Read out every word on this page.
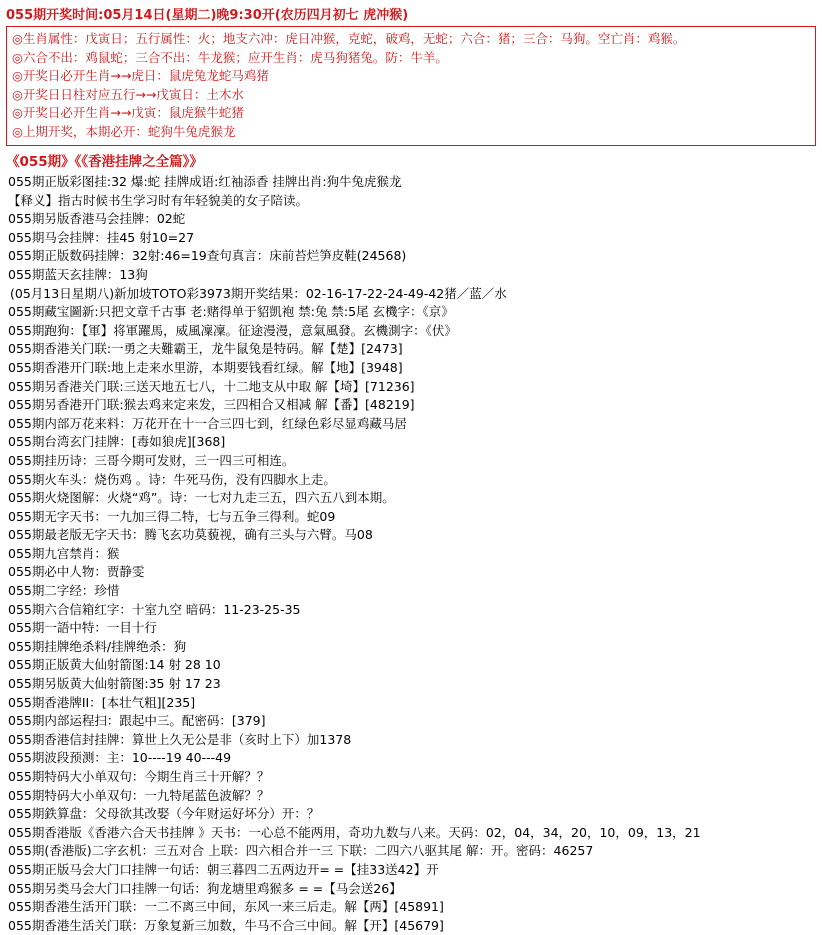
055期开奖时间:05月14日(星期二)晚9:30开(农历四月初七 虎冲猴)
◎生肖属性：戊寅日；五行属性：火；地支六冲：虎日冲猴，克蛇，破鸡，无蛇；六合：猪；三合：马狗。空亡肖：鸡猴。
◎六合不出：鸡鼠蛇；三合不出：牛龙猴；应开生肖：虎马狗猪兔。防：牛羊。
◎开奖日必开生肖→→虎日：鼠虎兔龙蛇马鸡猪
◎开奖日日柱对应五行→→戊寅日：土木水
◎开奖日必开生肖→→戊寅：鼠虎猴牛蛇猪
◎上期开奖，本期必开：蛇狗牛兔虎猴龙
《055期》《《香港挂牌之全篇》》
055期正版彩图挂:32 爆:蛇 挂牌成语:红袖添香 挂牌出肖:狗牛兔虎猴龙
【释义】指古时候书生学习时有年轻貌美的女子陪读。
055期另版香港马会挂牌：02蛇
055期马会挂牌：挂45 射10=27
055期正版数码挂牌：32射:46=19查句真言：床前苔烂笋皮鞋(24568)
055期蓝天玄挂牌：13狗
(05月13日星期八)新加坡TOTO彩3973期开奖结果：02-16-17-22-24-49-42猪／蓝／水
055期藏宝圖新:只把文章千古事 老:赌得单于貂凱袍 禁:兔 禁:5尾 玄機字：《京》
055期跑狗：【軍】将軍躍馬，威風凜凜。征途漫漫，意氣風發。玄機測字：《伏》
055期香港关门联:一勇之夫難霸王，龙牛鼠兔是特码。解【楚】[2473]
055期香港开门联:地上走来水里游，本期要钱看红绿。解【地】[3948]
055期另香港关门联:三送天地五七八，十二地支从中取 解【埼】[71236]
055期另香港开门联:猴去鸡来定来发，三四相合又相减 解【番】[48219]
055期内部万花来料：万花开在十一合三四七到，红绿色彩尽显鸡藏马居
055期台湾玄门挂牌：[毒如狼虎][368]
055期挂历诗：三哥今期可发财，三一四三可相连。
055期火车头：烧伤鸡 。诗：牛死马伤，没有四脚水上走。
055期火烧图解：火烧“鸡”。诗：一七对九走三五，四六五八到本期。
055期无字天书：一九加三得二特，七与五争三得利。蛇09
055期最老版无字天书：腾飞玄功莫藐视，确有三头与六臂。马08
055期九宫禁肖：猴
055期必中人物：贾静雯
055期二字经：珍惜
055期六合信箱红字：十室九空 暗码：11-23-25-35
055期一語中特：一目十行
055期挂牌绝杀料/挂牌绝杀：狗
055期正版黄大仙射箭图:14 射 28 10
055期另版黄大仙射箭图:35 射 17 23
055期香港牌II：[本壮气粗][235]
055期内部运程扫：跟起中三。配密码：[379]
055期香港信封挂牌：算世上久无公是非（亥时上下）加1378
055期波段预测：主：10----19 40---49
055期特码大小单双句：今期生肖三十开解？？
055期特码大小单双句：一九特尾蓝色波解？？
055期鉄算盘：父母欲其改娶（今年财运好坏分）开：？
055期香港版《香港六合天书挂牌 》天书：一心总不能两用，奇功九数与八来。天码：02，04，34，20，10，09，13，21
055期(香港版)二字玄机：三五对合 上联：四六相合并一三 下联：二四六八驱其尾 解：开。密码：46257
055期正版马会大门口挂牌一句话：朝三暮四二五两边开= =【挂33送42】开
055期另类马会大门口挂牌一句话：狗龙塘里鸡猴多 = =【马会送26】
055期香港生活开门联：一二不离三中间，东风一来三后走。解【两】[45891]
055期香港生活关门联：万象复新三加数，牛马不合三中间。解【开】[45679]
